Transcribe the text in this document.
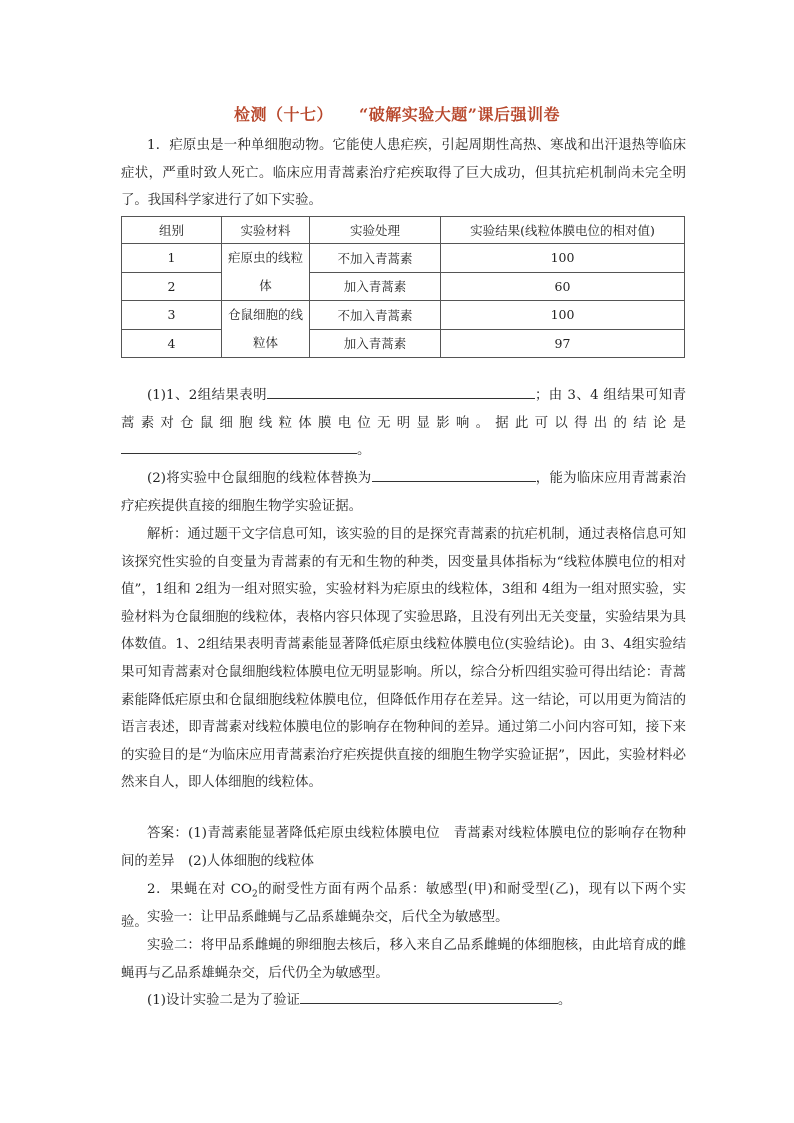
检测（十七） “破解实验大题”课后强训卷
1．疟原虫是一种单细胞动物。它能使人患疟疾，引起周期性高热、寒战和出汗退热等临床症状，严重时致人死亡。临床应用青蒿素治疗疟疾取得了巨大成功，但其抗疟机制尚未完全明了。我国科学家进行了如下实验。
组别	实验材料	实验处理	实验结果(线粒体膜电位的相对值)
1	疟原虫的线粒体	不加入青蒿素	100
2		加入青蒿素	60
3	仓鼠细胞的线粒体	不加入青蒿素	100
4		加入青蒿素	97
(1)1、2组结果表明	；由 3、4 组结果可知青蒿素对仓鼠细胞线粒体膜电位无明显影响。据此可以得出的结论是。
(2)将实验中仓鼠细胞的线粒体替换为	，能为临床应用青蒿素治疗疟疾提供直接的细胞生物学实验证据。
解析：通过题干文字信息可知，该实验的目的是探究青蒿素的抗疟机制，通过表格信息可知该探究性实验的自变量为青蒿素的有无和生物的种类，因变量具体指标为“线粒体膜电位的相对值”，1组和 2组为一组对照实验，实验材料为疟原虫的线粒体，3组和 4组为一组对照实验，实验材料为仓鼠细胞的线粒体，表格内容只体现了实验思路，且没有列出无关变量，实验结果为具体数值。1、2组结果表明青蒿素能显著降低疟原虫线粒体膜电位(实验结论)。由 3、4组实验结果可知青蒿素对仓鼠细胞线粒体膜电位无明显影响。所以，综合分析四组实验可得出结论：青蒿素能降低疟原虫和仓鼠细胞线粒体膜电位，但降低作用存在差异。这一结论，可以用更为简洁的语言表述，即青蒿素对线粒体膜电位的影响存在物种间的差异。通过第二小问内容可知，接下来的实验目的是“为临床应用青蒿素治疗疟疾提供直接的细胞生物学实验证据”，因此，实验材料必然来自人，即人体细胞的线粒体。
答案：(1)青蒿素能显著降低疟原虫线粒体膜电位　青蒿素对线粒体膜电位的影响存在物种间的差异　(2)人体细胞的线粒体
2．果蝇在对 $CO_2$的耐受性方面有两个品系：敏感型(甲)和耐受型(乙)，现有以下两个实验。 实验一：让甲品系雌蝇与乙品系雄蝇杂交，后代全为敏感型。
实验二：将甲品系雌蝇的卵细胞去核后，移入来自乙品系雌蝇的体细胞核，由此培育成的雌蝇再与乙品系雄蝇杂交，后代仍全为敏感型。
(1)设计实验二是为了验证	。
